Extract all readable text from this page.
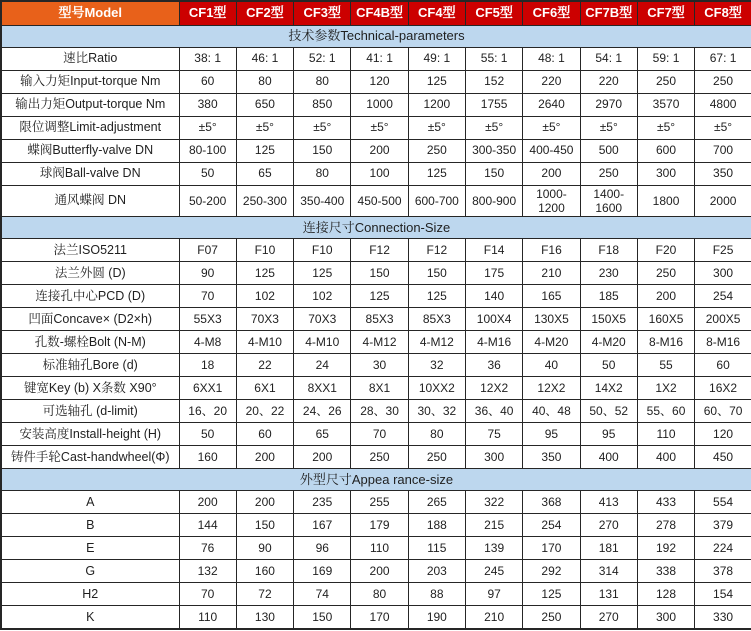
型号Model	CF1型	CF2型	CF3型	CF4B型	CF4型	CF5型	CF6型	CF7B型	CF7型	CF8型
技术参数Technical-parameters										
速比Ratio	38: 1	46: 1	52: 1	41: 1	49: 1	55: 1	48: 1	54: 1	59: 1	67: 1
输入力矩Input-torque Nm	60	80	80	120	125	152	220	220	250	250
输出力矩Output-torque Nm	380	650	850	1000	1200	1755	2640	2970	3570	4800
限位调整Limit-adjustment	±5°	±5°	±5°	±5°	±5°	±5°	±5°	±5°	±5°	±5°
蝶阀Butterfly-valve DN	80-100	125	150	200	250	300-350	400-450	500	600	700
球阀Ball-valve DN	50	65	80	100	125	150	200	250	300	350
通风蝶阀 DN	50-200	250-300	350-400	450-500	600-700	800-900	1000-1200	1400-1600	1800	2000
连接尺寸Connection-Size										
法兰ISO5211	F07	F10	F10	F12	F12	F14	F16	F18	F20	F25
法兰外圆 (D)	90	125	125	150	150	175	210	230	250	300
连接孔中心PCD (D)	70	102	102	125	125	140	165	185	200	254
凹面Concave× (D2×h)	55X3	70X3	70X3	85X3	85X3	100X4	130X5	150X5	160X5	200X5
孔数-螺栓Bolt (N-M)	4-M8	4-M10	4-M10	4-M12	4-M12	4-M16	4-M20	4-M20	8-M16	8-M16
标准轴孔Bore (d)	18	22	24	30	32	36	40	50	55	60
键宽Key (b) X条数 X90°	6XX1	6X1	8XX1	8X1	10XX2	12X2	12X2	14X2	1X2	16X2
可选轴孔 (d-limit)	16、20	20、22	24、26	28、30	30、32	36、40	40、48	50、52	55、60	60、70
安装高度Install-height (H)	50	60	65	70	80	75	95	95	110	120
铸件手轮Cast-handwheel(Φ)	160	200	200	250	250	300	350	400	400	450
外型尺寸Appea rance-size										
A	200	200	235	255	265	322	368	413	433	554
B	144	150	167	179	188	215	254	270	278	379
E	76	90	96	110	115	139	170	181	192	224
G	132	160	169	200	203	245	292	314	338	378
H2	70	72	74	80	88	97	125	131	128	154
K	110	130	150	170	190	210	250	270	300	330
